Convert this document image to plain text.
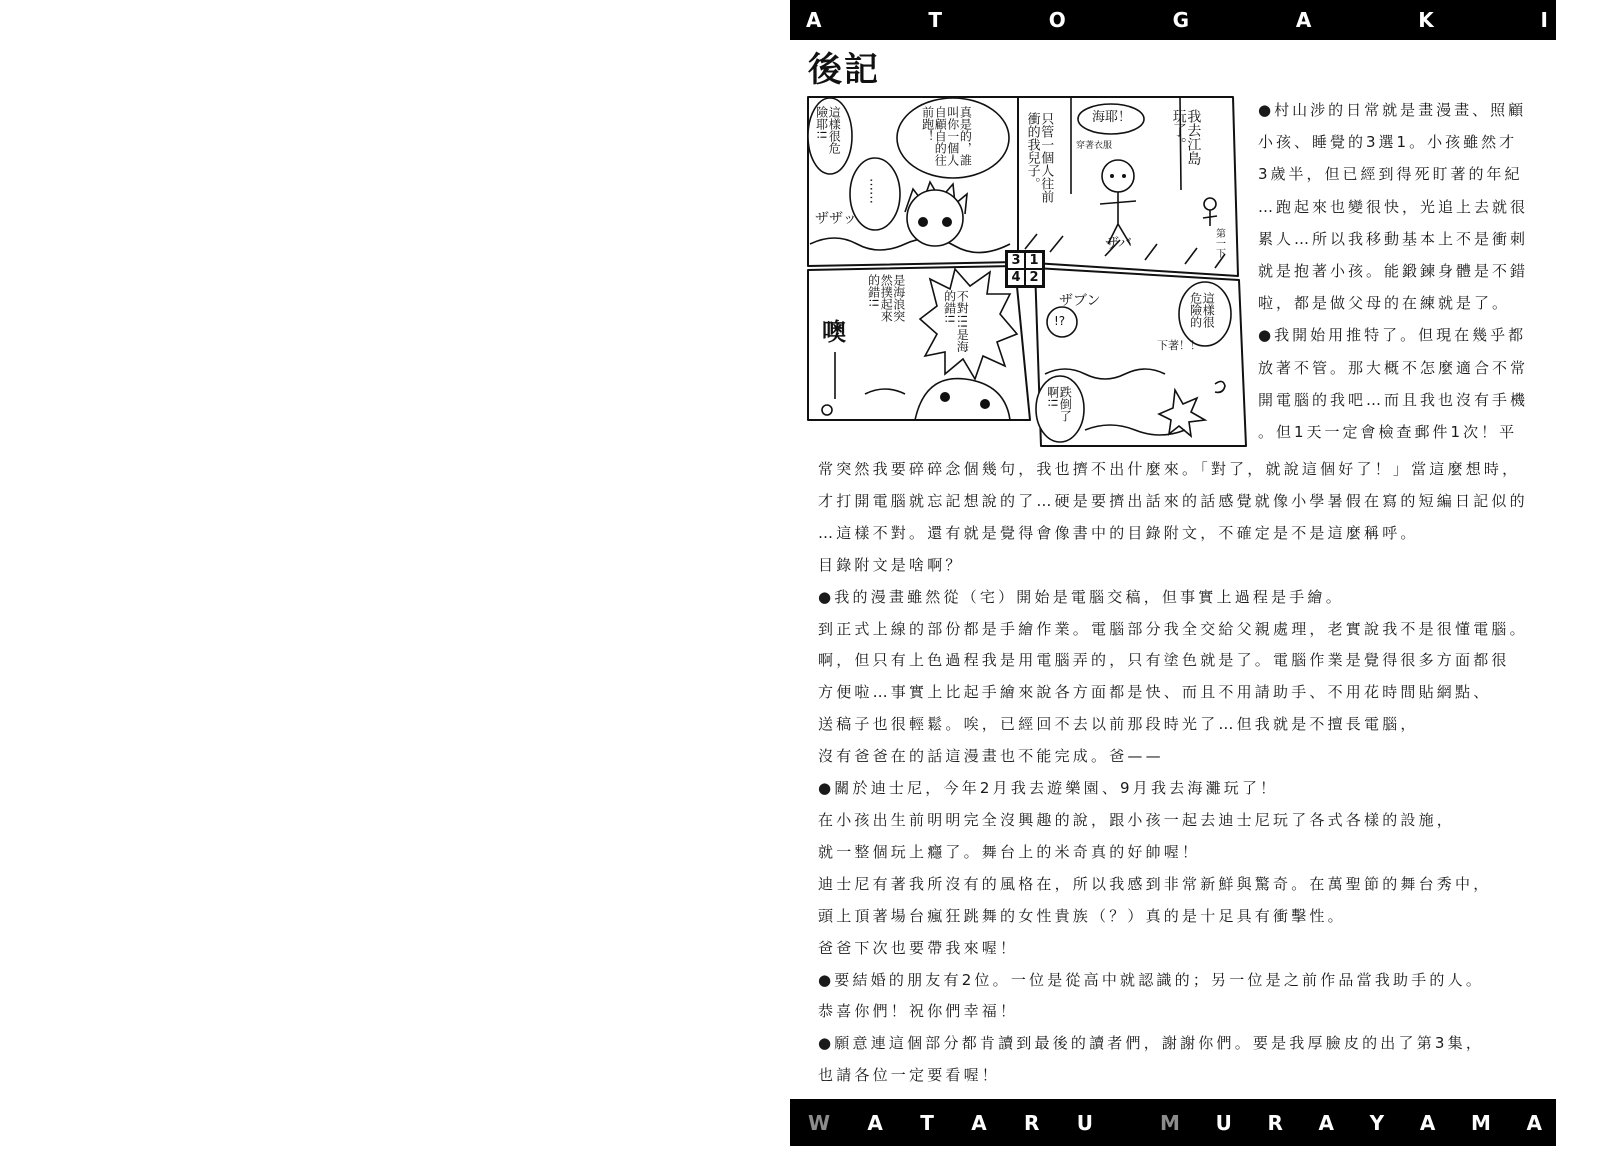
A	T	O	G	A	K	I
後記
這樣很危險耶!!
……
真是的，誰叫你一個人自顧自的往前跑！
ザザッ
只管一個人往前衝的我兒子。	海耶！
穿著衣服	我去江島玩了。
第一下
ザバ
3 1
4 2
這樣很危險的
下著！！
!?
跌倒了啊!!
ザブン
噢
是海浪突然撲起來的錯!!	不對!!!是海的錯!!
●村山涉的日常就是畫漫畫、照顧
小孩、睡覺的3選1。小孩雖然才
3歲半，但已經到得死盯著的年紀
…跑起來也變很快，光追上去就很
累人…所以我移動基本上不是衝刺
就是抱著小孩。能鍛鍊身體是不錯
啦，都是做父母的在練就是了。
●我開始用推特了。但現在幾乎都
放著不管。那大概不怎麼適合不常
開電腦的我吧…而且我也沒有手機
。但1天一定會檢查郵件1次！平
常突然我要碎碎念個幾句，我也擠不出什麼來。「對了，就說這個好了！」當這麼想時，
才打開電腦就忘記想說的了…硬是要擠出話來的話感覺就像小學暑假在寫的短編日記似的
…這樣不對。還有就是覺得會像書中的目錄附文，不確定是不是這麼稱呼。
目錄附文是啥啊？
●我的漫畫雖然從（宅）開始是電腦交稿，但事實上過程是手繪。
到正式上線的部份都是手繪作業。電腦部分我全交給父親處理，老實說我不是很懂電腦。
啊，但只有上色過程我是用電腦弄的，只有塗色就是了。電腦作業是覺得很多方面都很
方便啦…事實上比起手繪來說各方面都是快、而且不用請助手、不用花時間貼網點、
送稿子也很輕鬆。唉，已經回不去以前那段時光了…但我就是不擅長電腦，
沒有爸爸在的話這漫畫也不能完成。爸——
●關於迪士尼，今年2月我去遊樂園、9月我去海灘玩了！
在小孩出生前明明完全沒興趣的說，跟小孩一起去迪士尼玩了各式各樣的設施，
就一整個玩上癮了。舞台上的米奇真的好帥喔！
迪士尼有著我所沒有的風格在，所以我感到非常新鮮與驚奇。在萬聖節的舞台秀中，
頭上頂著場台瘋狂跳舞的女性貴族（？）真的是十足具有衝擊性。
爸爸下次也要帶我來喔！
●要結婚的朋友有2位。一位是從高中就認識的；另一位是之前作品當我助手的人。
恭喜你們！祝你們幸福！
●願意連這個部分都肯讀到最後的讀者們，謝謝你們。要是我厚臉皮的出了第3集，
也請各位一定要看喔！
W A T A R U	M U R A Y A M A
